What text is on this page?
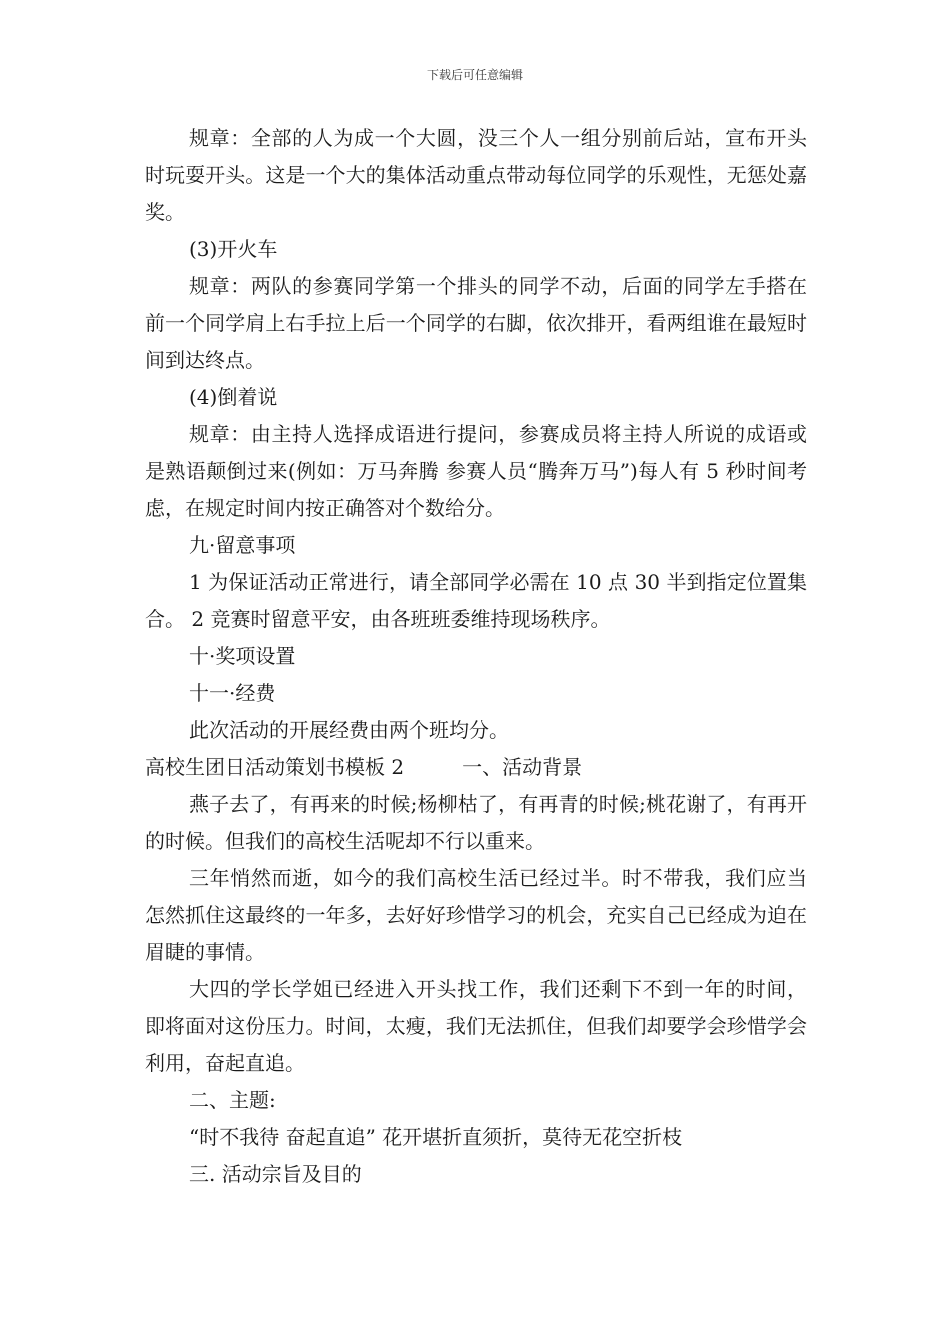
下载后可任意编辑

规章：全部的人为成一个大圆，没三个人一组分别前后站，宣布开头时玩耍开头。这是一个大的集体活动重点带动每位同学的乐观性，无惩处嘉奖。

(3)开火车

规章：两队的参赛同学第一个排头的同学不动，后面的同学左手搭在前一个同学肩上右手拉上后一个同学的右脚，依次排开，看两组谁在最短时间到达终点。

(4)倒着说

规章：由主持人选择成语进行提问，参赛成员将主持人所说的成语或是熟语颠倒过来(例如：万马奔腾 参赛人员“腾奔万马”)每人有 5 秒时间考虑，在规定时间内按正确答对个数给分。

九·留意事项

1 为保证活动正常进行，请全部同学必需在 10 点 30 半到指定位置集合。 2 竞赛时留意平安，由各班班委维持现场秩序。

十·奖项设置

十一·经费

此次活动的开展经费由两个班均分。

高校生团日活动策划书模板 2	一、活动背景

燕子去了，有再来的时候;杨柳枯了，有再青的时候;桃花谢了，有再开的时候。但我们的高校生活呢却不行以重来。

三年悄然而逝，如今的我们高校生活已经过半。时不带我，我们应当怎然抓住这最终的一年多，去好好珍惜学习的机会，充实自己已经成为迫在眉睫的事情。

大四的学长学姐已经进入开头找工作，我们还剩下不到一年的时间，即将面对这份压力。时间，太瘦，我们无法抓住，但我们却要学会珍惜学会利用，奋起直追。

二、主题:

“时不我待 奋起直追” 花开堪折直须折，莫待无花空折枝

三. 活动宗旨及目的
